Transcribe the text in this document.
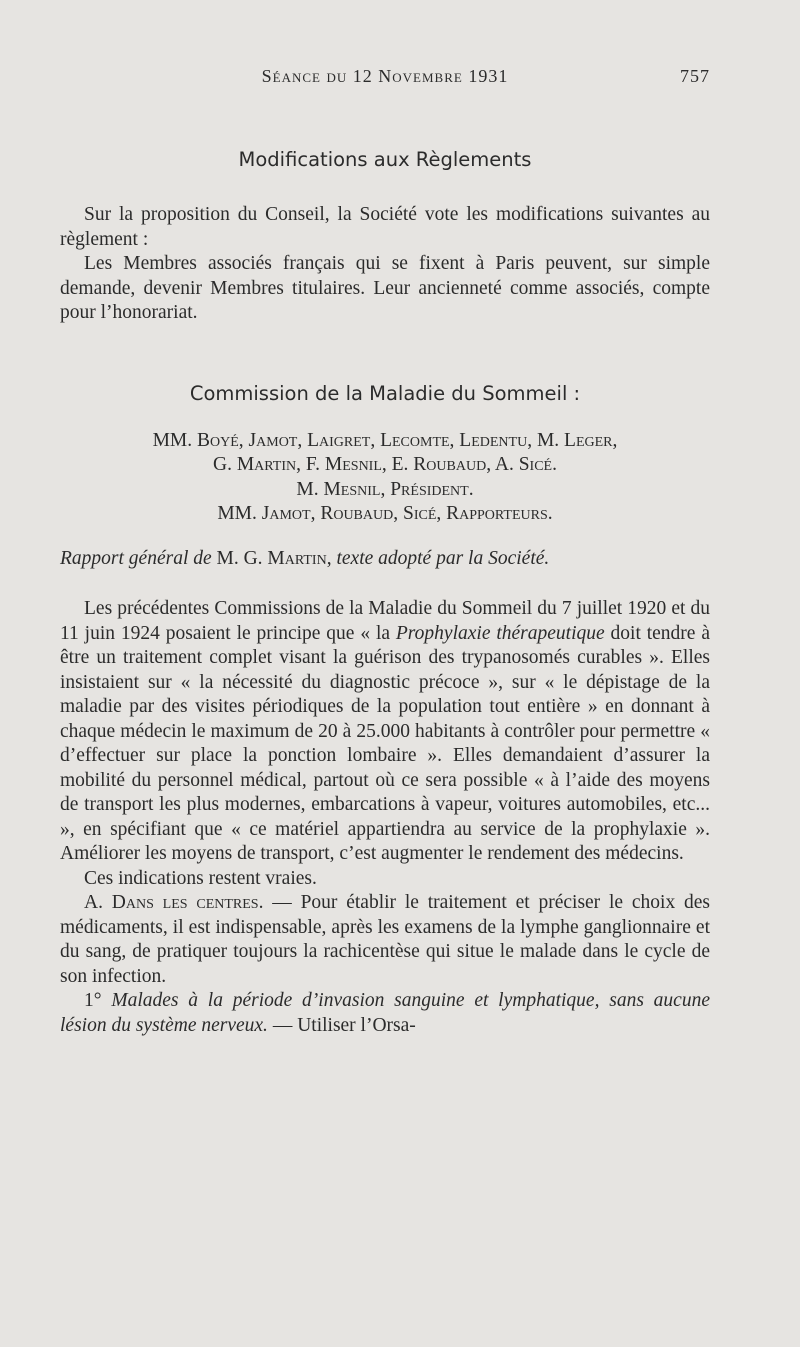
Séance du 12 Novembre 1931	757
Modifications aux Règlements

Sur la proposition du Conseil, la Société vote les modifications suivantes au règlement :

Les Membres associés français qui se fixent à Paris peuvent, sur simple demande, devenir Membres titulaires. Leur ancienneté comme associés, compte pour l’honorariat.

Commission de la Maladie du Sommeil :

MM. Boyé, Jamot, Laigret, Lecomte, Ledentu, M. Leger,

G. Martin, F. Mesnil, E. Roubaud, A. Sicé.

M. Mesnil, Président.

MM. Jamot, Roubaud, Sicé, Rapporteurs.

Rapport général de M. G. Martin, texte adopté par la Société.

Les précédentes Commissions de la Maladie du Sommeil du 7 juillet 1920 et du 11 juin 1924 posaient le principe que « la Prophylaxie thérapeutique doit tendre à être un traitement complet visant la guérison des trypanosomés curables ». Elles insistaient sur « la nécessité du diagnostic précoce », sur « le dépistage de la maladie par des visites périodiques de la population tout entière » en donnant à chaque médecin le maximum de 20 à 25.000 habitants à contrôler pour permettre « d’effectuer sur place la ponction lombaire ». Elles demandaient d’assurer la mobilité du personnel médical, partout où ce sera possible « à l’aide des moyens de transport les plus modernes, embarcations à vapeur, voitures automobiles, etc... », en spécifiant que « ce matériel appartiendra au service de la prophylaxie ». Améliorer les moyens de transport, c’est augmenter le rendement des médecins.

Ces indications restent vraies.

A. Dans les centres. — Pour établir le traitement et préciser le choix des médicaments, il est indispensable, après les examens de la lymphe ganglionnaire et du sang, de pratiquer toujours la rachicentèse qui situe le malade dans le cycle de son infection.

1° Malades à la période d’invasion sanguine et lymphatique, sans aucune lésion du système nerveux. — Utiliser l’Orsa-
